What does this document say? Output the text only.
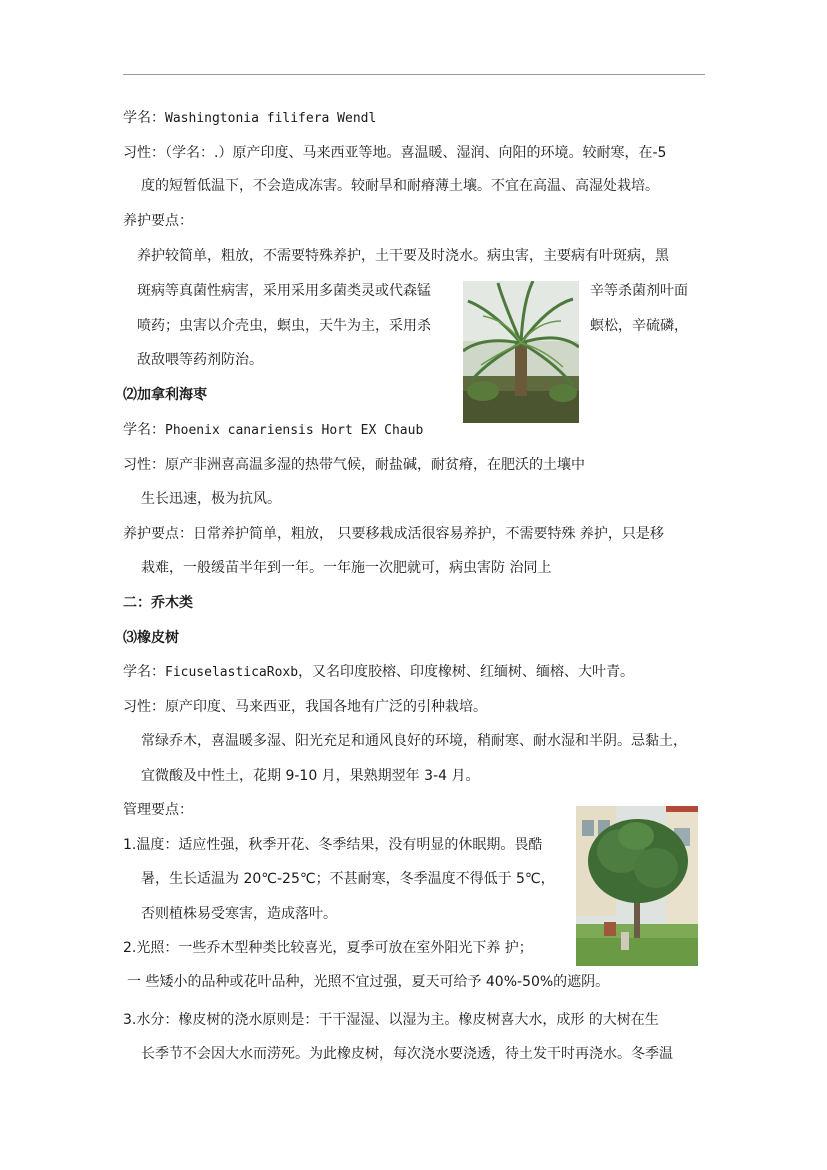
学名：Washingtonia filifera Wendl
习性：（学名：.）原产印度、马来西亚等地。喜温暖、湿润、向阳的环境。较耐寒，在-5
度的短暂低温下，不会造成冻害。较耐旱和耐瘠薄土壤。不宜在高温、高湿处栽培。
养护要点：
养护较简单，粗放，不需要特殊养护，土干要及时浇水。病虫害，主要病有叶斑病，黑
斑病等真菌性病害，采用采用多菌类灵或代森锰	辛等杀菌剂叶面
喷药；虫害以介壳虫，螟虫，天牛为主，采用杀	螟松，辛硫磷，
敌敌喂等药剂防治。
⑵加拿利海枣
学名：Phoenix canariensis Hort EX Chaub
习性：原产非洲喜高温多湿的热带气候，耐盐碱，耐贫瘠，在肥沃的土壤中
生长迅速，极为抗风。
养护要点：日常养护简单，粗放， 只要移栽成活很容易养护，不需要特殊 养护，只是移
栽难，一般缓苗半年到一年。一年施一次肥就可，病虫害防 治同上
二：乔木类
⑶橡皮树
学名：FicuselasticaRoxb，又名印度胶榕、印度橡树、红缅树、缅榕、大叶青。
习性：原产印度、马来西亚，我国各地有广泛的引种栽培。
常绿乔木，喜温暖多湿、阳光充足和通风良好的环境，稍耐寒、耐水湿和半阴。忌黏土，
宜微酸及中性土，花期 9-10 月，果熟期翌年 3-4 月。
管理要点：
1.温度：适应性强，秋季开花、冬季结果，没有明显的休眠期。畏酷
暑，生长适温为 20℃-25℃；不甚耐寒，冬季温度不得低于 5℃，
否则植株易受寒害，造成落叶。
2.光照：一些乔木型种类比较喜光，夏季可放在室外阳光下养 护；
一 些矮小的品种或花叶品种，光照不宜过强，夏天可给予 40%-50%的遮阴。
3.水分：橡皮树的浇水原则是：干干湿湿、以湿为主。橡皮树喜大水，成形 的大树在生
长季节不会因大水而涝死。为此橡皮树，每次浇水要浇透，待土发干时再浇水。冬季温
